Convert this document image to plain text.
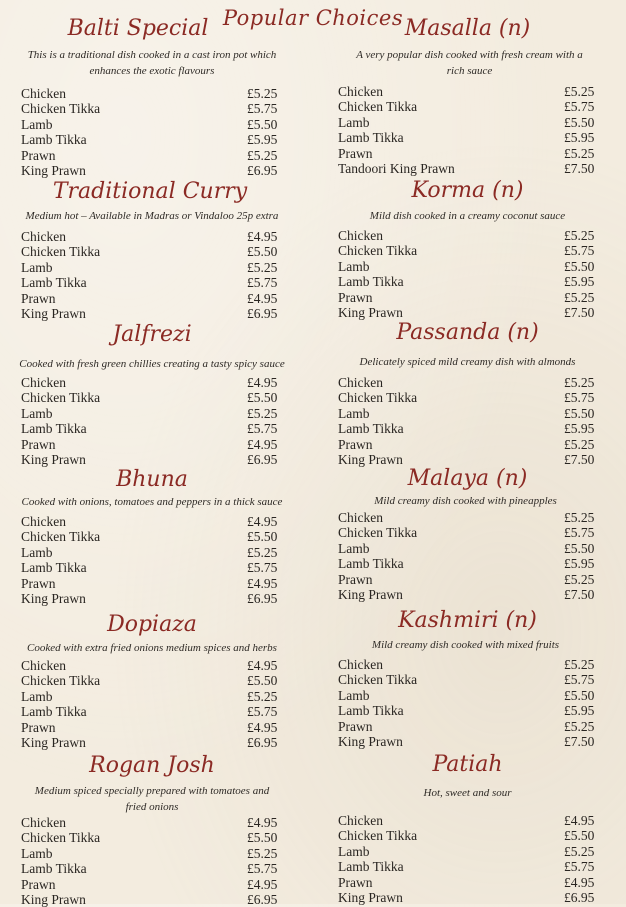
Popular Choices
Balti Special
This is a traditional dish cooked in a cast iron pot which enhances the exotic flavours
Chicken	£5.25
Chicken Tikka	£5.75
Lamb	£5.50
Lamb Tikka	£5.95
Prawn	£5.25
King Prawn	£6.95
Traditional Curry
Medium hot – Available in Madras or Vindaloo 25p extra
Chicken	£4.95
Chicken Tikka	£5.50
Lamb	£5.25
Lamb Tikka	£5.75
Prawn	£4.95
King Prawn	£6.95
Jalfrezi
Cooked with fresh green chillies creating a tasty spicy sauce
Chicken	£4.95
Chicken Tikka	£5.50
Lamb	£5.25
Lamb Tikka	£5.75
Prawn	£4.95
King Prawn	£6.95
Bhuna
Cooked with onions, tomatoes and peppers in a thick sauce
Chicken	£4.95
Chicken Tikka	£5.50
Lamb	£5.25
Lamb Tikka	£5.75
Prawn	£4.95
King Prawn	£6.95
Dopiaza
Cooked with extra fried onions medium spices and herbs
Chicken	£4.95
Chicken Tikka	£5.50
Lamb	£5.25
Lamb Tikka	£5.75
Prawn	£4.95
King Prawn	£6.95
Rogan Josh
Medium spiced specially prepared with tomatoes and fried onions
Chicken	£4.95
Chicken Tikka	£5.50
Lamb	£5.25
Lamb Tikka	£5.75
Prawn	£4.95
King Prawn	£6.95
Masalla (n)
A very popular dish cooked with fresh cream with a rich sauce
Chicken	£5.25
Chicken Tikka	£5.75
Lamb	£5.50
Lamb Tikka	£5.95
Prawn	£5.25
Tandoori King Prawn	£7.50
Korma (n)
Mild dish cooked in a creamy coconut sauce
Chicken	£5.25
Chicken Tikka	£5.75
Lamb	£5.50
Lamb Tikka	£5.95
Prawn	£5.25
King Prawn	£7.50
Passanda (n)
Delicately spiced mild creamy dish with almonds
Chicken	£5.25
Chicken Tikka	£5.75
Lamb	£5.50
Lamb Tikka	£5.95
Prawn	£5.25
King Prawn	£7.50
Malaya (n)
Mild creamy dish cooked with pineapples
Chicken	£5.25
Chicken Tikka	£5.75
Lamb	£5.50
Lamb Tikka	£5.95
Prawn	£5.25
King Prawn	£7.50
Kashmiri (n)
Mild creamy dish cooked with mixed fruits
Chicken	£5.25
Chicken Tikka	£5.75
Lamb	£5.50
Lamb Tikka	£5.95
Prawn	£5.25
King Prawn	£7.50
Patiah
Hot, sweet and sour
Chicken	£4.95
Chicken Tikka	£5.50
Lamb	£5.25
Lamb Tikka	£5.75
Prawn	£4.95
King Prawn	£6.95
